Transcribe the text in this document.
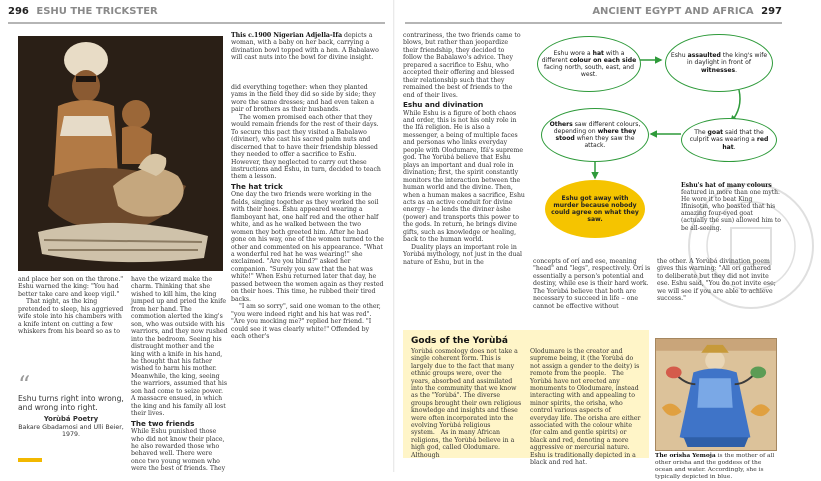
296 ESHU THE TRICKSTER
This c.1900 Nigerian Adjella-Ifa depicts a woman, with a baby on her back, carrying a divination bowl topped with a hen. A Babalawo will cast nuts into the bowl for divine insight.

did everything together: when they planted yams in the field they did so side by side; they wore the same dresses; and had even taken a pair of brothers as their husbands.

The women promised each other that they would remain friends for the rest of their days. To secure this pact they visited a Babalawo (diviner), who cast his sacred palm nuts and discerned that to have their friendship blessed they needed to offer a sacrifice to Eshu. However, they neglected to carry out these instructions and Eshu, in turn, decided to teach them a lesson.

The hat trick

One day the two friends were working in the fields, singing together as they worked the soil with their hoes. Eshu appeared wearing a flamboyant hat, one half red and the other half white, and as he walked between the two women they both greeted him. After he had gone on his way, one of the women turned to the other and commented on his appearance. "What a wonderful red hat he was wearing!" she exclaimed. "Are you blind?" asked her companion. "Surely you saw that the hat was white!" When Eshu returned later that day, he passed between the women again as they rested on their hoes. This time, he rubbed their tired backs.

"I am so sorry", said one woman to the other, "you were indeed right and his hat was red". "Are you mocking me?" replied her friend. "I could see it was clearly white!" Offended by each other's

and place her son on the throne." Eshu warned the king: "You had better take care and keep vigil."

That night, as the king pretended to sleep, his aggrieved wife stole into his chambers with a knife intent on cutting a few whiskers from his beard so as to

“
Eshu turns right into wrong, and wrong into right.
Yorùbá Poetry
Bakare Gbadamosi and Ulli Beier, 1979.

have the wizard make the charm. Thinking that she wished to kill him, the king jumped up and pried the knife from her hand. The commotion alerted the king's son, who was outside with his warriors, and they now rushed into the bedroom. Seeing his distraught mother and the king with a knife in his hand, he thought that his father wished to harm his mother. Meanwhile, the king, seeing the warriors, assumed that his son had come to seize power. A massacre ensued, in which the king and his family all lost their lives.

The two friends

While Eshu punished those who did not know their place, he also rewarded those who behaved well. There were once two young women who were the best of friends. They

ANCIENT EGYPT AND AFRICA 297

contrariness, the two friends came to blows, but rather than jeopardize their friendship, they decided to follow the Babalawo's advice. They prepared a sacrifice to Eshu, who accepted their offering and blessed their relationship such that they remained the best of friends to the end of their lives.

Eshu and divination

While Eshu is a figure of both chaos and order, this is not his only role in the Ifá religion. He is also a messenger, a being of multiple faces and personas who links everyday people with Olodumare, Ifá's supreme god. The Yorùbá believe that Eshu plays an important and dual role in divination; first, the spirit constantly monitors the interaction between the human world and the divine. Then, when a human makes a sacrifice, Eshu acts as an active conduit for divine energy – he lends the diviner àshe (power) and transports this power to the gods. In return, he brings divine gifts, such as knowledge or healing, back to the human world.

Duality plays an important role in Yorùbá mythology, not just in the dual nature of Eshu, but in the

Eshu wore a hat with a different colour on each side facing north, south, east, and west.
Eshu assaulted the king's wife in daylight in front of witnesses.
Others saw different colours, depending on where they stood when they saw the attack.
The goat said that the culprit was wearing a red hat.
Eshu got away with murder because nobody could agree on what they saw.
Eshu's hat of many colours
featured in more than one myth. He wore it to beat King Ifinisotin, who boasted that his amazing four-eyed goat (actually the sun) allowed him to be all-seeing.

concepts of orí and ese, meaning "head" and "legs", respectively. Orí is essentially a person's potential and destiny, while ese is their hard work. The Yorùbá believe that both are necessary to succeed in life – one cannot be effective without

the other. A Yorùbá divination poem gives this warning: "All orí gathered to deliberate but they did not invite ese. Eshu said, "You do not invite ese; we will see if you are able to achieve success."

Gods of the Yorùbá
Yorùbá cosmology does not take a single coherent form. This is largely due to the fact that many ethnic groups were, over the years, absorbed and assimilated into the community that we know as the "Yorùbá". The diverse groups brought their own religious knowledge and insights and these were often incorporated into the evolving Yorùbá religious system.   As in many African religions, the Yorùbá believe in a high god, called Olodumare. Although
Olodumare is the creator and supreme being, it (the Yorùbá do not assign a gender to the deity) is remote from the people.   The Yorùbá have not erected any monuments to Olodumare, instead interacting with and appealing to minor spirits, the orisha, who control various aspects of everyday life. The orisha are either associated with the colour white (for calm and gentle spirits) or black and red, denoting a more aggressive or mercurial nature. Eshu is traditionally depicted in a black and red hat.
The orisha Yemoja is the mother of all other orisha and the goddess of the ocean and water. Accordingly, she is typically depicted in blue.
